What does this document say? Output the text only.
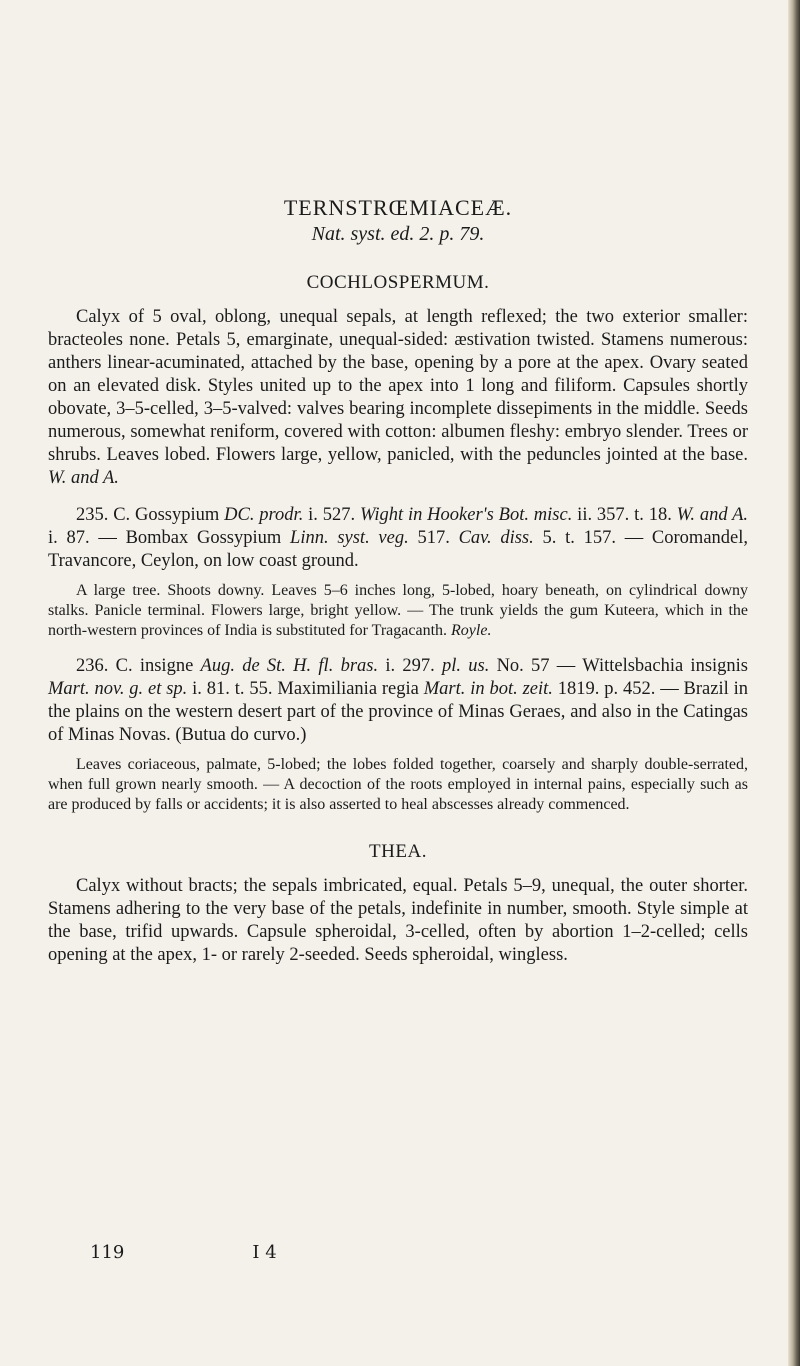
TERNSTRŒMIACEÆ.
Nat. syst. ed. 2. p. 79.
COCHLOSPERMUM.

Calyx of 5 oval, oblong, unequal sepals, at length reflexed; the two exterior smaller: bracteoles none. Petals 5, emarginate, unequal-sided: æstivation twisted. Stamens numerous: anthers linear-acuminated, attached by the base, opening by a pore at the apex. Ovary seated on an elevated disk. Styles united up to the apex into 1 long and filiform. Capsules shortly obovate, 3–5-celled, 3–5-valved: valves bearing incomplete dissepiments in the middle. Seeds numerous, somewhat reniform, covered with cotton: albumen fleshy: embryo slender. Trees or shrubs. Leaves lobed. Flowers large, yellow, panicled, with the peduncles jointed at the base. W. and A.

235. C. Gossypium DC. prodr. i. 527. Wight in Hooker's Bot. misc. ii. 357. t. 18. W. and A. i. 87. — Bombax Gossypium Linn. syst. veg. 517. Cav. diss. 5. t. 157. — Coromandel, Travancore, Ceylon, on low coast ground.

A large tree. Shoots downy. Leaves 5–6 inches long, 5-lobed, hoary beneath, on cylindrical downy stalks. Panicle terminal. Flowers large, bright yellow. — The trunk yields the gum Kuteera, which in the north-western provinces of India is substituted for Tragacanth. Royle.

236. C. insigne Aug. de St. H. fl. bras. i. 297. pl. us. No. 57 — Wittelsbachia insignis Mart. nov. g. et sp. i. 81. t. 55. Maximiliania regia Mart. in bot. zeit. 1819. p. 452. — Brazil in the plains on the western desert part of the province of Minas Geraes, and also in the Catingas of Minas Novas. (Butua do curvo.)

Leaves coriaceous, palmate, 5-lobed; the lobes folded together, coarsely and sharply double-serrated, when full grown nearly smooth. — A decoction of the roots employed in internal pains, especially such as are produced by falls or accidents; it is also asserted to heal abscesses already commenced.

THEA.

Calyx without bracts; the sepals imbricated, equal. Petals 5–9, unequal, the outer shorter. Stamens adhering to the very base of the petals, indefinite in number, smooth. Style simple at the base, trifid upwards. Capsule spheroidal, 3-celled, often by abortion 1–2-celled; cells opening at the apex, 1- or rarely 2-seeded. Seeds spheroidal, wingless.

119	I 4
